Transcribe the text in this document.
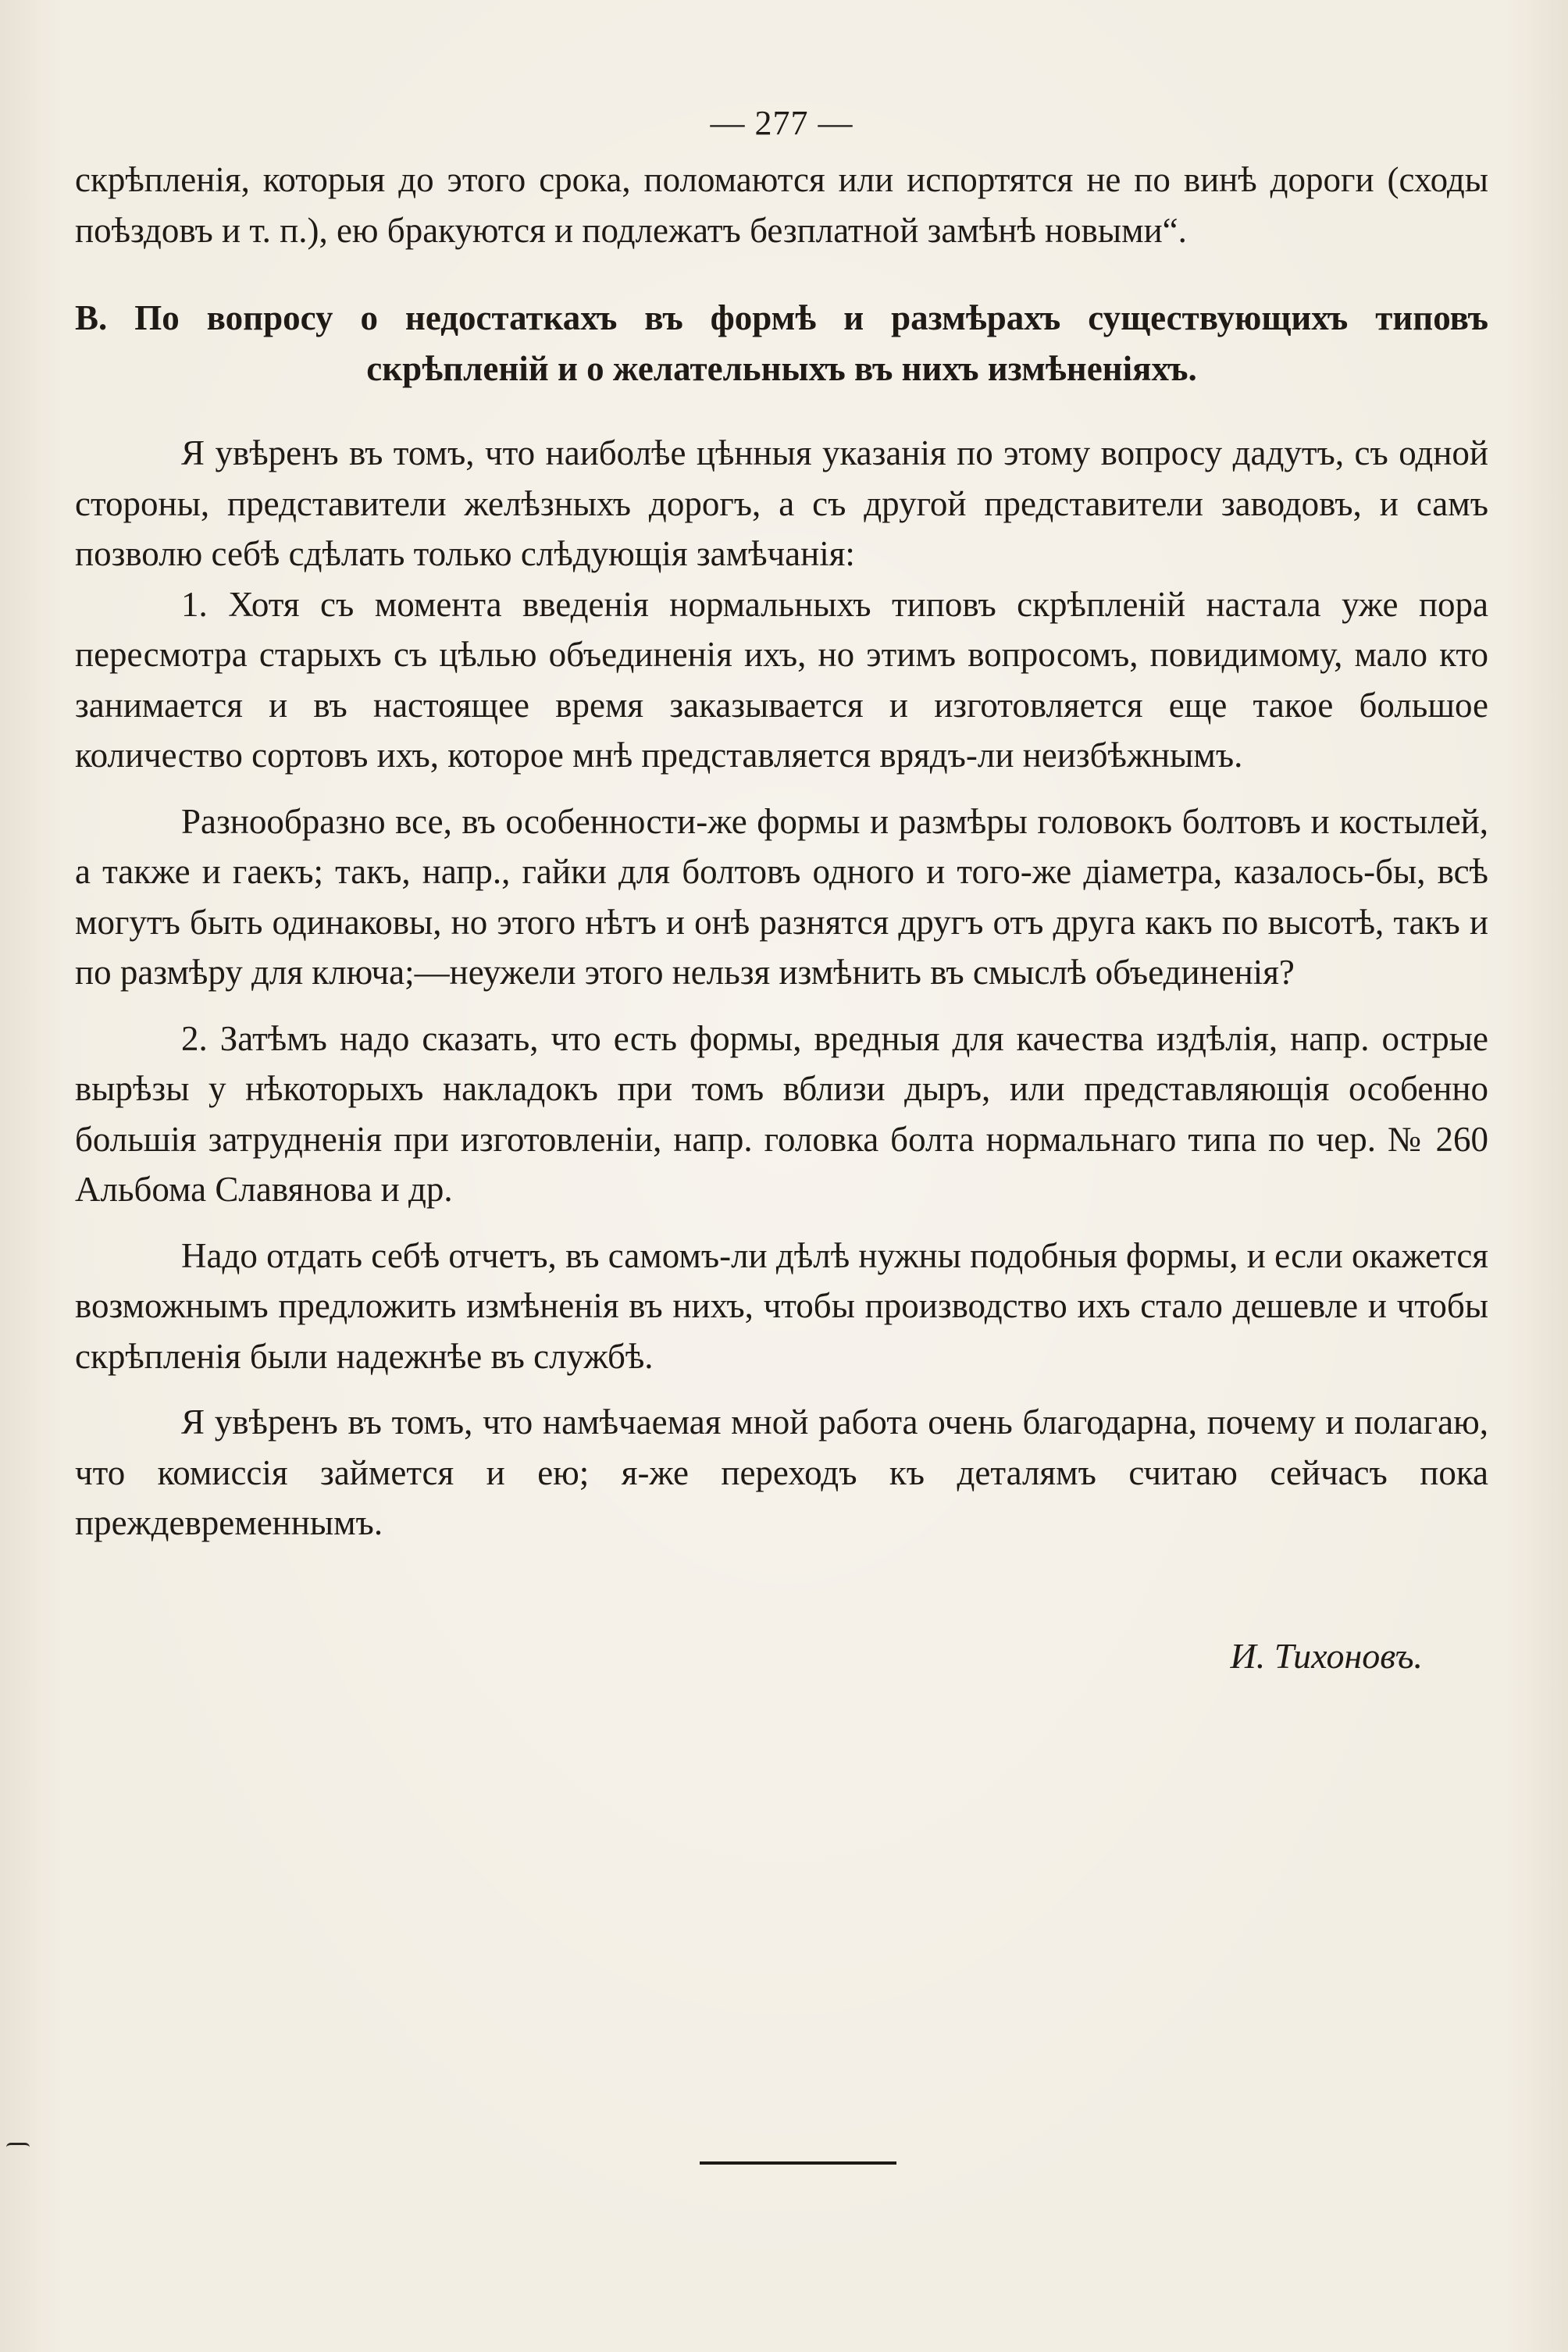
— 277 —

скрѣпленія, которыя до этого срока, поломаются или испортятся не по винѣ дороги (сходы поѣздовъ и т. п.), ею бракуются и подлежатъ безплатной замѣнѣ новыми“.

В. По вопросу о недостаткахъ въ формѣ и размѣрахъ существующихъ типовъ скрѣпленій и о желательныхъ въ нихъ измѣненіяхъ.

Я увѣренъ въ томъ, что наиболѣе цѣнныя указанія по этому вопросу дадутъ, съ одной стороны, представители желѣзныхъ дорогъ, а съ другой представители заводовъ, и самъ позволю себѣ сдѣлать только слѣдующія замѣчанія:

1. Хотя съ момента введенія нормальныхъ типовъ скрѣпленій настала уже пора пересмотра старыхъ съ цѣлью объединенія ихъ, но этимъ вопросомъ, повидимому, мало кто занимается и въ настоящее время заказывается и изготовляется еще такое большое количество сортовъ ихъ, которое мнѣ представляется врядъ-ли неизбѣжнымъ.

Разнообразно все, въ особенности-же формы и размѣры головокъ болтовъ и костылей, а также и гаекъ; такъ, напр., гайки для болтовъ одного и того-же діаметра, казалось-бы, всѣ могутъ быть одинаковы, но этого нѣтъ и онѣ разнятся другъ отъ друга какъ по высотѣ, такъ и по размѣру для ключа;—неужели этого нельзя измѣнить въ смыслѣ объединенія?

2. Затѣмъ надо сказать, что есть формы, вредныя для качества издѣлія, напр. острые вырѣзы у нѣкоторыхъ накладокъ при томъ вблизи дыръ, или представляющія особенно большія затрудненія при изготовленіи, напр. головка болта нормальнаго типа по чер. № 260 Альбома Славянова и др.

Надо отдать себѣ отчетъ, въ самомъ-ли дѣлѣ нужны подобныя формы, и если окажется возможнымъ предложить измѣненія въ нихъ, чтобы производство ихъ стало дешевле и чтобы скрѣпленія были надежнѣе въ службѣ.

Я увѣренъ въ томъ, что намѣчаемая мной работа очень благодарна, почему и полагаю, что комиссія займется и ею; я-же переходъ къ деталямъ считаю сейчасъ пока преждевременнымъ.

И. Тихоновъ.
